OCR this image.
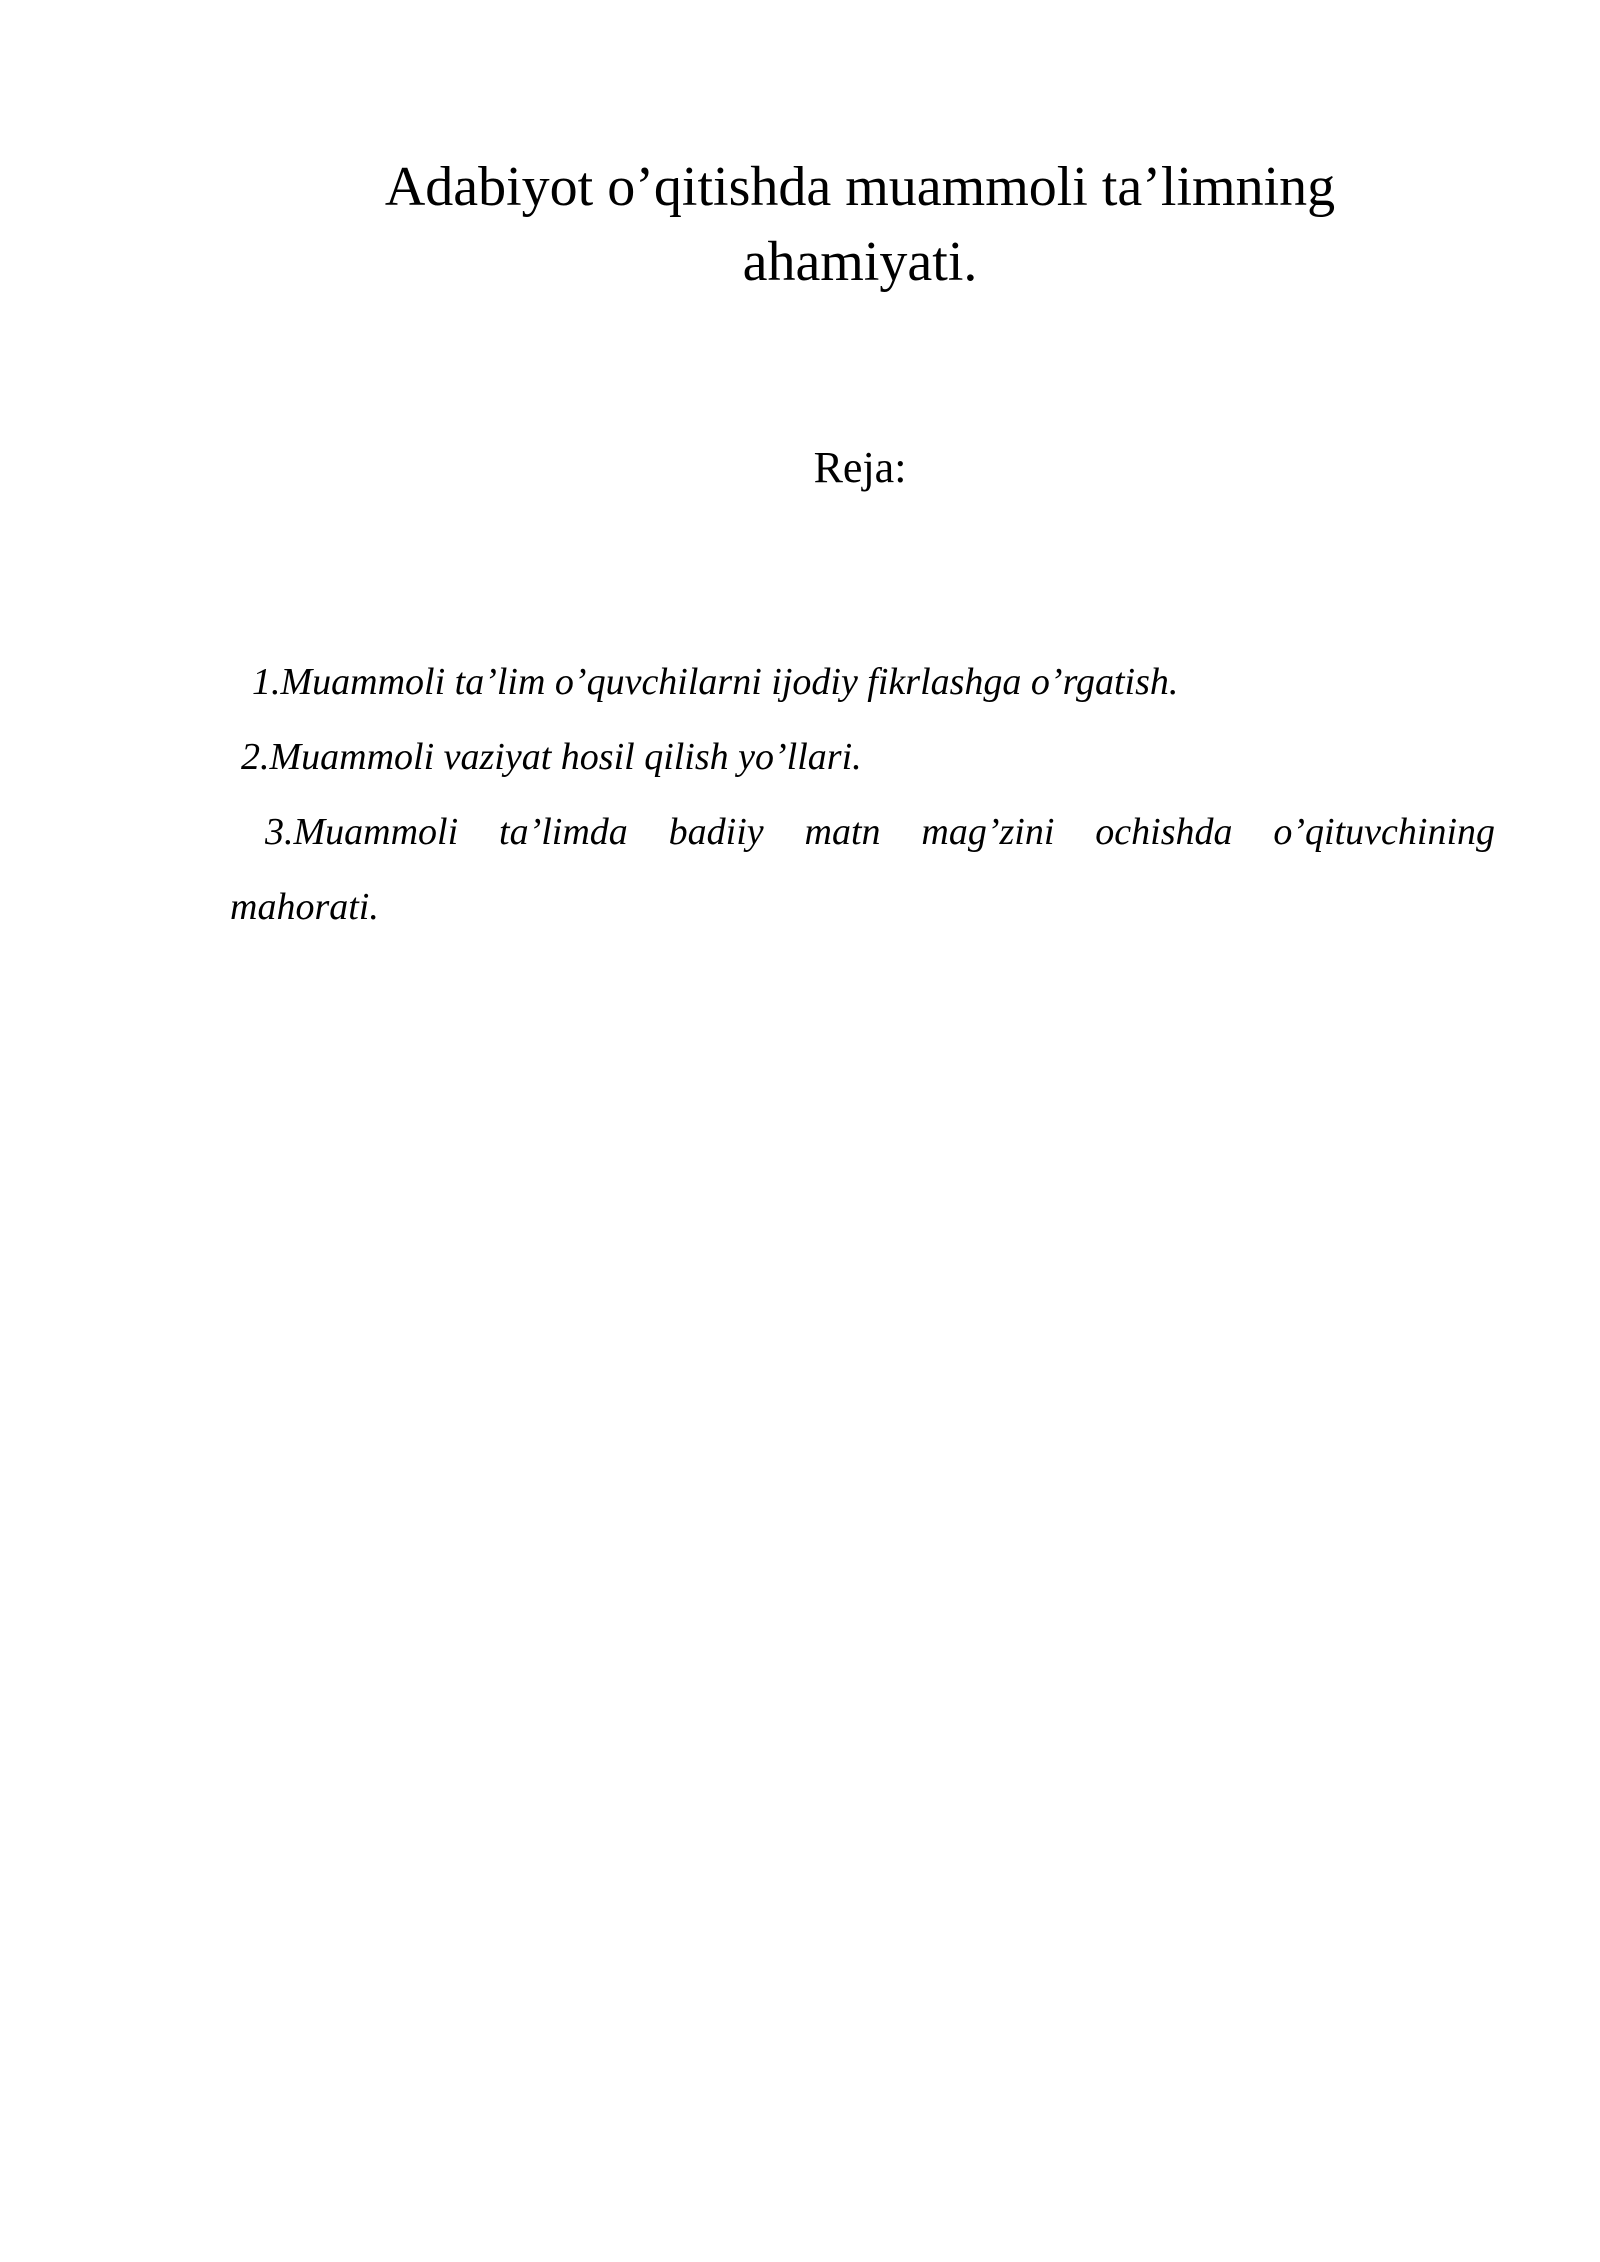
Adabiyot o’qitishda muammoli ta’limning
ahamiyati.

Reja:

1.Muammoli ta’lim o’quvchilarni ijodiy fikrlashga o’rgatish.
2.Muammoli vaziyat hosil qilish yo’llari.
3.Muammoli ta’limda badiiy matn mag’zini ochishda o’qituvchining mahorati.
